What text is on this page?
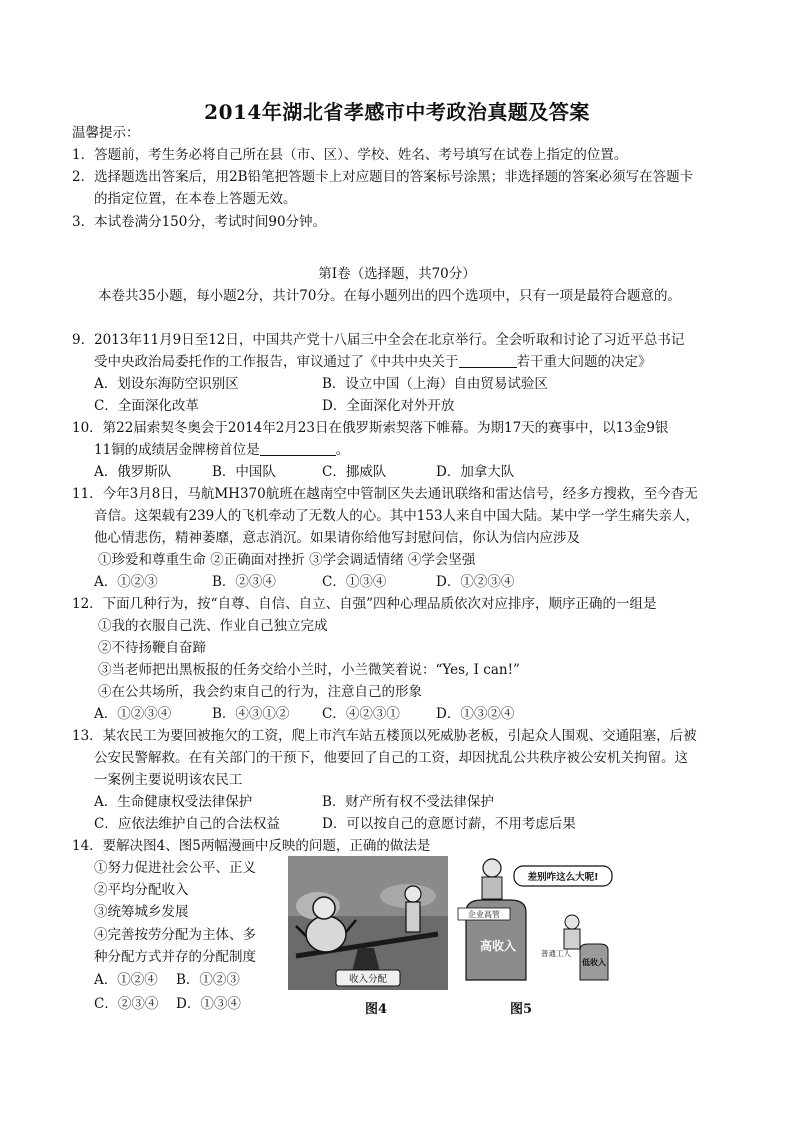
2014年湖北省孝感市中考政治真题及答案
温馨提示：
1．答题前，考生务必将自己所在县（市、区）、学校、姓名、考号填写在试卷上指定的位置。
2．选择题选出答案后，用2B铅笔把答题卡上对应题目的答案标号涂黑；非选择题的答案必须写在答题卡
的指定位置，在本卷上答题无效。
3．本试卷满分150分，考试时间90分钟。
第Ⅰ卷（选择题，共70分）
本卷共35小题，每小题2分，共计70分。在每小题列出的四个选项中，只有一项是最符合题意的。
9．2013年11月9日至12日，中国共产党十八届三中全会在北京举行。全会听取和讨论了习近平总书记
受中央政治局委托作的工作报告，审议通过了《中共中央关于	若干重大问题的决定》
A．划设东海防空识别区	B．设立中国（上海）自由贸易试验区
C．全面深化改革	D．全面深化对外开放
10．第22届索契冬奥会于2014年2月23日在俄罗斯索契落下帷幕。为期17天的赛事中，以13金9银
11铜的成绩居金牌榜首位是	。
A．俄罗斯队	B．中国队	C．挪威队	D．加拿大队
11．今年3月8日，马航MH370航班在越南空中管制区失去通讯联络和雷达信号，经多方搜救，至今杳无
音信。这架载有239人的飞机牵动了无数人的心。其中153人来自中国大陆。某中学一学生痛失亲人，
他心情悲伤，精神萎靡，意志消沉。如果请你给他写封慰问信，你认为信内应涉及
①珍爱和尊重生命 ②正确面对挫折 ③学会调适情绪 ④学会坚强
A．①②③	B．②③④	C．①③④	D．①②③④
12．下面几种行为，按“自尊、自信、自立、自强”四种心理品质依次对应排序，顺序正确的一组是
①我的衣服自己洗、作业自己独立完成
②不待扬鞭自奋蹄
③当老师把出黑板报的任务交给小兰时，小兰微笑着说：“Yes, I can!”
④在公共场所，我会约束自己的行为，注意自己的形象
A．①②③④	B．④③①② C．④②③①	D．①③②④
13．某农民工为要回被拖欠的工资，爬上市汽车站五楼顶以死威胁老板，引起众人围观、交通阻塞，后被
公安民警解救。在有关部门的干预下，他要回了自己的工资，却因扰乱公共秩序被公安机关拘留。这
一案例主要说明该农民工
A．生命健康权受法律保护	B．财产所有权不受法律保护
C．应依法维护自己的合法权益	D．可以按自己的意愿讨薪，不用考虑后果
14．要解决图4、图5两幅漫画中反映的问题，正确的做法是
①努力促进社会公平、正义
②平均分配收入
③统筹城乡发展
④完善按劳分配为主体、多
种分配方式并存的分配制度
A．①②④ B．①②③
C．②③④ D．①③④
收入分配
图4
差别咋这么大呢!
企业高管
高收入
普通工人
低收入
图5
